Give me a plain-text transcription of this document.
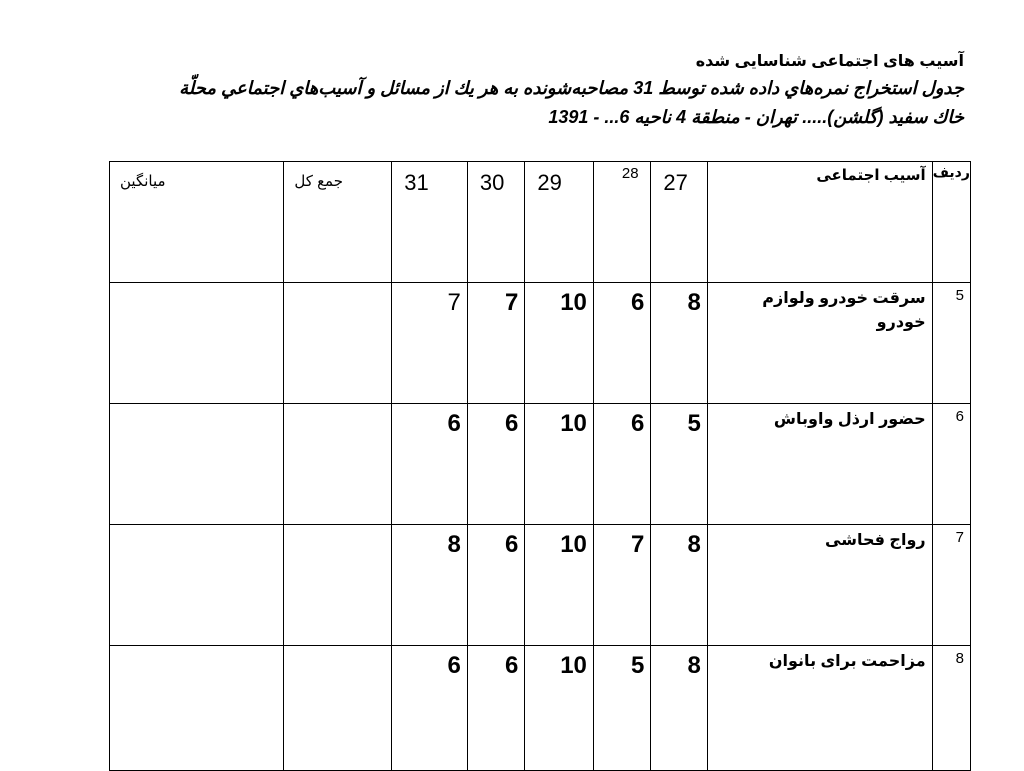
آسیب های اجتماعی شناسایی شده
جدول استخراج نمره‌هاي داده شده توسط 31 مصاحبه‌شونده به هر يك از مسائل و آسيب‌هاي اجتماعي محلّة
خاك سفيد (گلشن)..... تهران - منطقة 4 ناحيه 6... - 1391
میانگین	جمع کل	31	30	29	28	27	آسیب اجتماعی	ردیف

		7	7	10	6	8	سرقت خودرو ولوازم خودرو	5

		6	6	10	6	5	حضور ارذل واوباش	6

		8	6	10	7	8	رواج فحاشی	7

		6	6	10	5	8	مزاحمت برای بانوان	8
